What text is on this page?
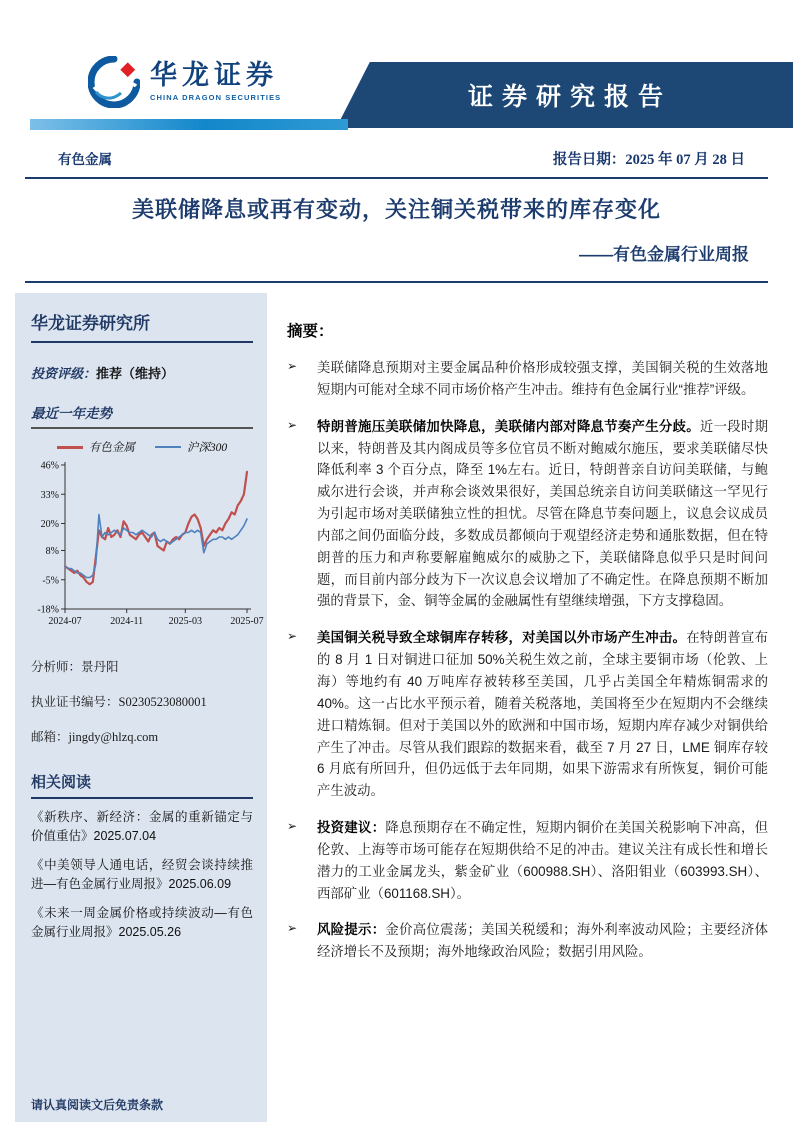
华龙证券
CHINA DRAGON SECURITIES	证券研究报告
有色金属	报告日期：2025 年 07 月 28 日
美联储降息或再有变动，关注铜关税带来的库存变化
——有色金属行业周报
华龙证券研究所
投资评级：推荐（维持）
最近一年走势
有色金属	沪深300
46%
33%
20%
8%
-5%
-18%
2024-07	2024-11	2025-03	2025-07
分析师：景丹阳
执业证书编号：S0230523080001
邮箱：jingdy@hlzq.com
相关阅读
《新秩序、新经济：金属的重新锚定与价值重估》2025.07.04
《中美领导人通电话，经贸会谈持续推进—有色金属行业周报》2025.06.09
《未来一周金属价格或持续波动—有色金属行业周报》2025.05.26
请认真阅读文后免责条款
摘要：
➢	美联储降息预期对主要金属品种价格形成较强支撑，美国铜关税的生效落地短期内可能对全球不同市场价格产生冲击。维持有色金属行业“推荐”评级。
➢	特朗普施压美联储加快降息，美联储内部对降息节奏产生分歧。近一段时期以来，特朗普及其内阁成员等多位官员不断对鲍威尔施压，要求美联储尽快降低利率 3 个百分点，降至 1%左右。近日，特朗普亲自访问美联储，与鲍威尔进行会谈，并声称会谈效果很好，美国总统亲自访问美联储这一罕见行为引起市场对美联储独立性的担忧。尽管在降息节奏问题上，议息会议成员内部之间仍面临分歧，多数成员都倾向于观望经济走势和通胀数据，但在特朗普的压力和声称要解雇鲍威尔的威胁之下，美联储降息似乎只是时间问题，而目前内部分歧为下一次议息会议增加了不确定性。在降息预期不断加强的背景下，金、铜等金属的金融属性有望继续增强，下方支撑稳固。
➢	美国铜关税导致全球铜库存转移，对美国以外市场产生冲击。在特朗普宣布的 8 月 1 日对铜进口征加 50%关税生效之前，全球主要铜市场（伦敦、上海）等地约有 40 万吨库存被转移至美国，几乎占美国全年精炼铜需求的 40%。这一占比水平预示着，随着关税落地，美国将至少在短期内不会继续进口精炼铜。但对于美国以外的欧洲和中国市场，短期内库存减少对铜供给产生了冲击。尽管从我们跟踪的数据来看，截至 7 月 27 日，LME 铜库存较 6 月底有所回升，但仍远低于去年同期，如果下游需求有所恢复，铜价可能产生波动。
➢	投资建议：降息预期存在不确定性，短期内铜价在美国关税影响下冲高，但伦敦、上海等市场可能存在短期供给不足的冲击。建议关注有成长性和增长潜力的工业金属龙头，紫金矿业（600988.SH）、洛阳钼业（603993.SH）、西部矿业（601168.SH）。
➢	风险提示：金价高位震荡；美国关税缓和；海外利率波动风险；主要经济体经济增长不及预期；海外地缘政治风险；数据引用风险。
